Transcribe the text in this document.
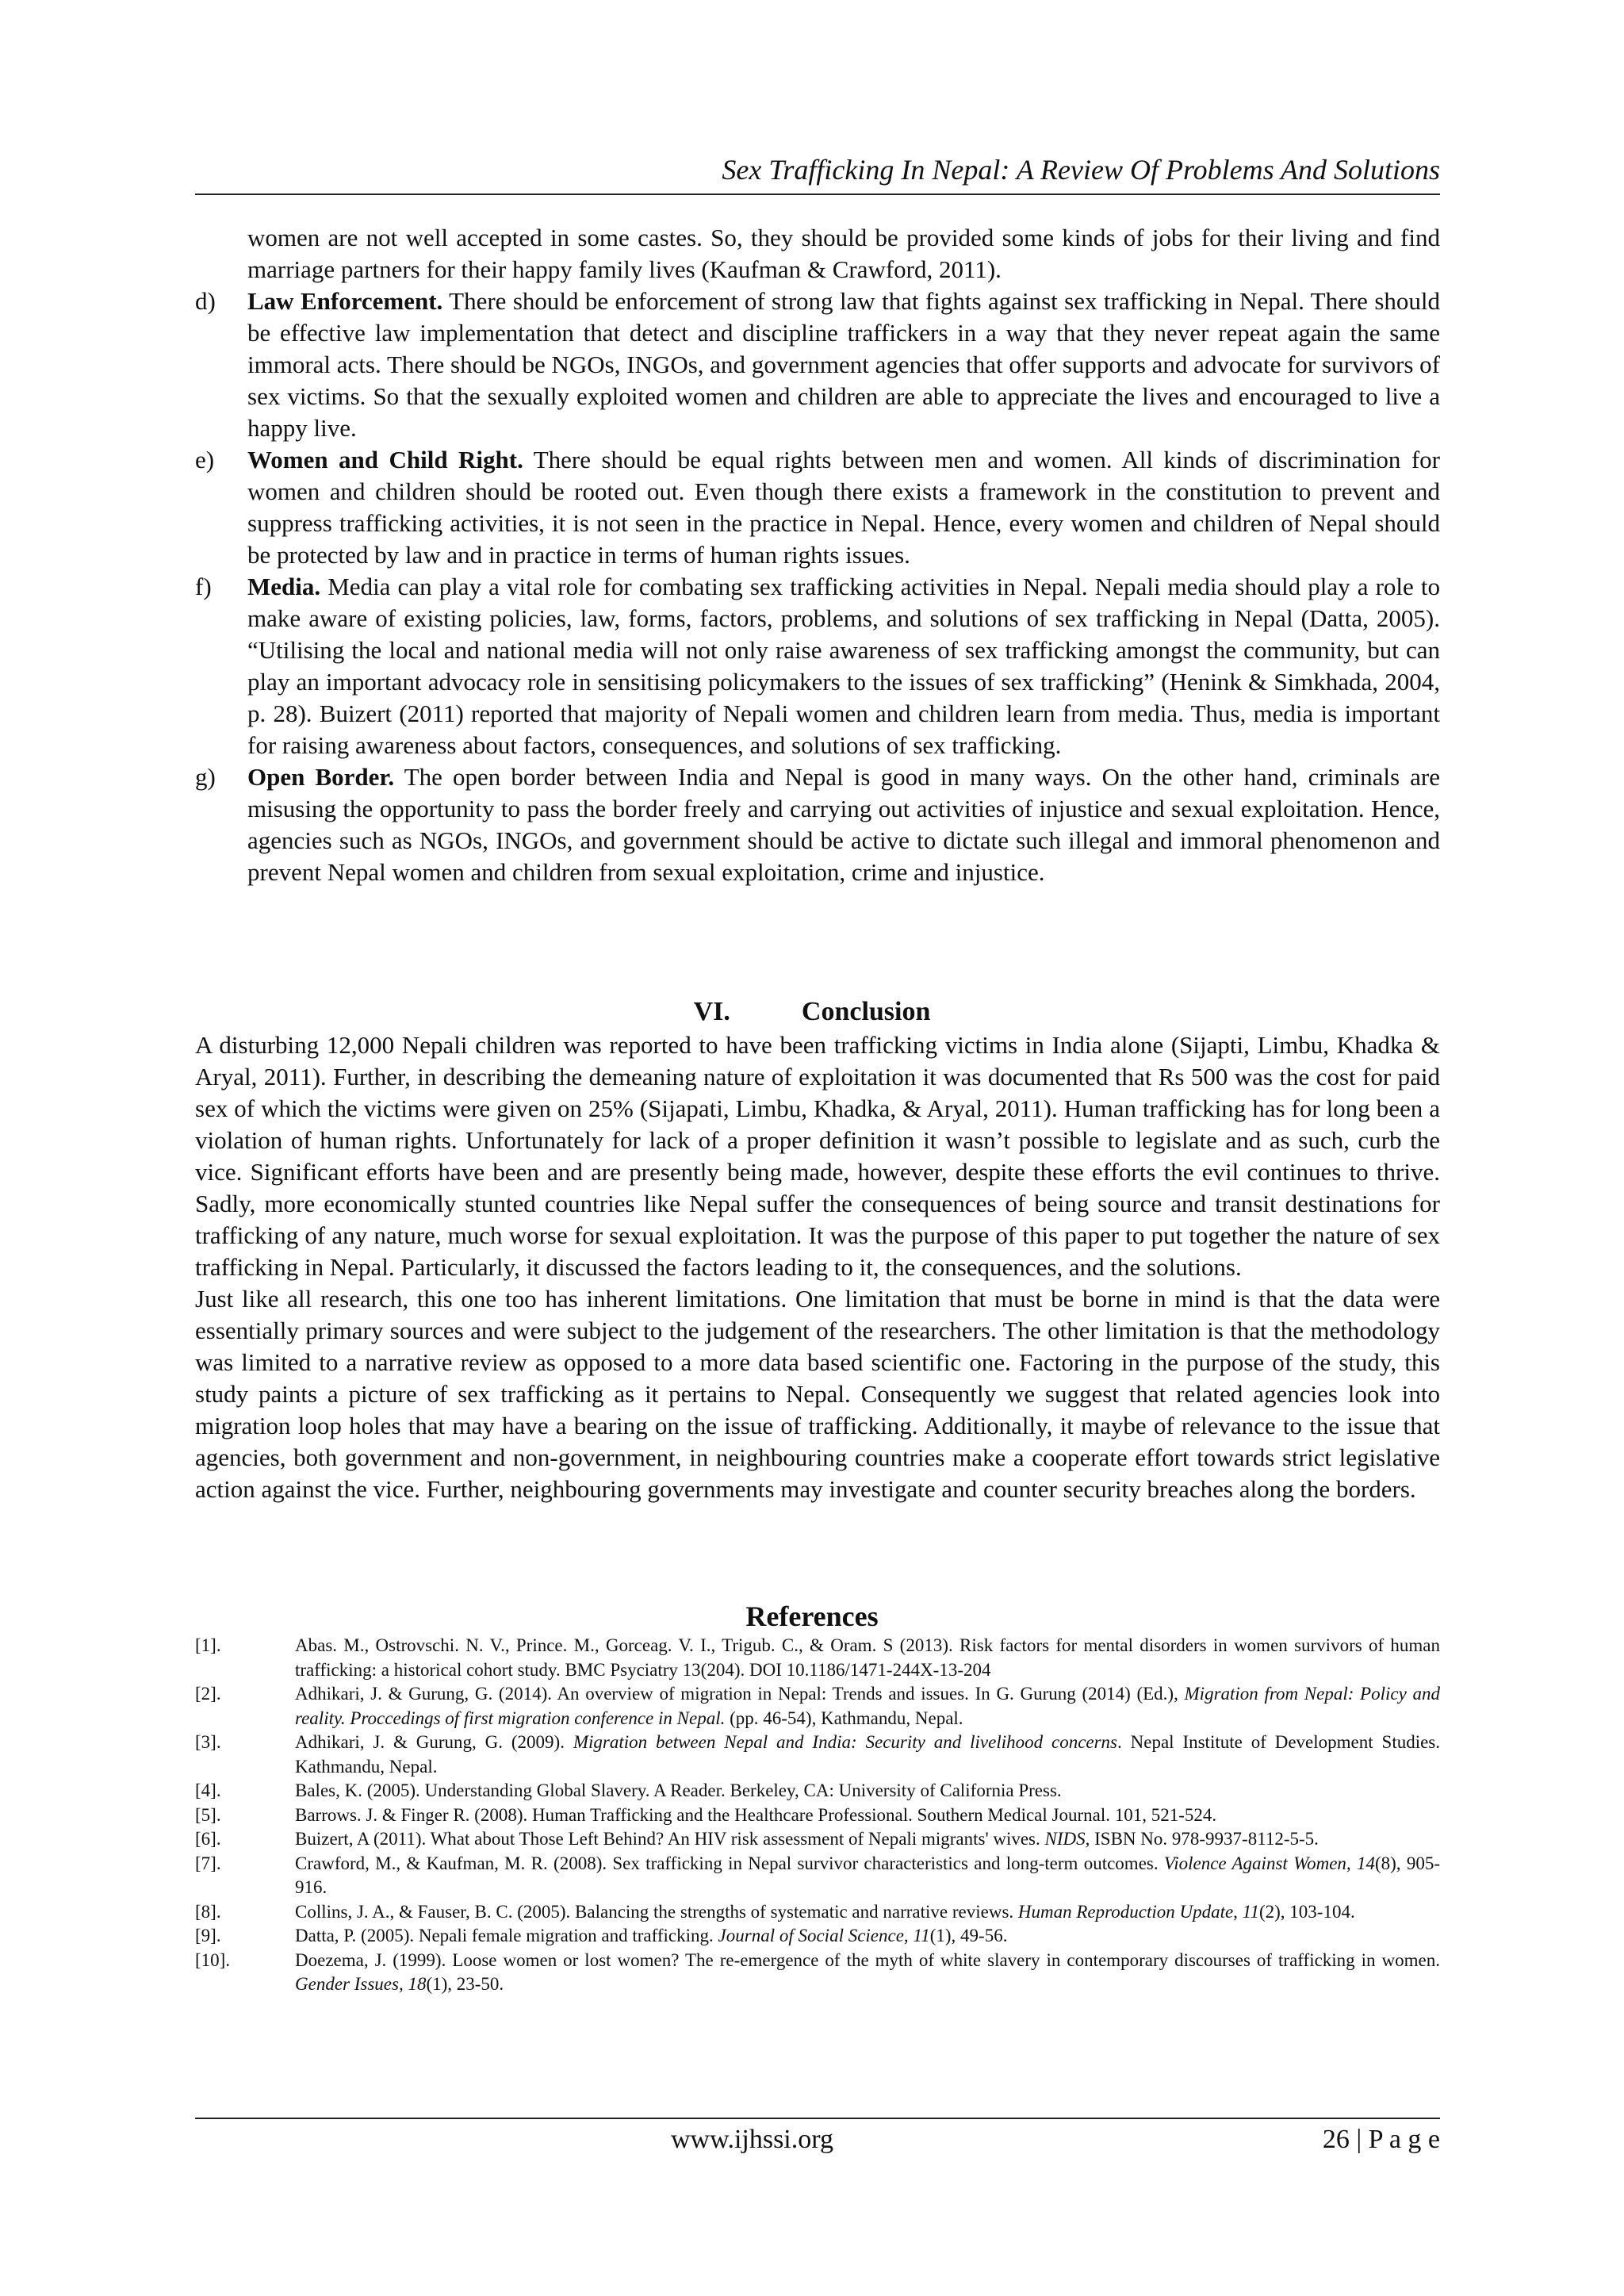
Sex Trafficking In Nepal: A Review Of Problems And Solutions
women are not well accepted in some castes. So, they should be provided some kinds of jobs for their living and find marriage partners for their happy family lives (Kaufman & Crawford, 2011).
d)	Law Enforcement. There should be enforcement of strong law that fights against sex trafficking in Nepal. There should be effective law implementation that detect and discipline traffickers in a way that they never repeat again the same immoral acts. There should be NGOs, INGOs, and government agencies that offer supports and advocate for survivors of sex victims. So that the sexually exploited women and children are able to appreciate the lives and encouraged to live a happy live.
e)	Women and Child Right. There should be equal rights between men and women. All kinds of discrimination for women and children should be rooted out. Even though there exists a framework in the constitution to prevent and suppress trafficking activities, it is not seen in the practice in Nepal. Hence, every women and children of Nepal should be protected by law and in practice in terms of human rights issues.
f)	Media. Media can play a vital role for combating sex trafficking activities in Nepal. Nepali media should play a role to make aware of existing policies, law, forms, factors, problems, and solutions of sex trafficking in Nepal (Datta, 2005). “Utilising the local and national media will not only raise awareness of sex trafficking amongst the community, but can play an important advocacy role in sensitising policymakers to the issues of sex trafficking” (Henink & Simkhada, 2004, p. 28). Buizert (2011) reported that majority of Nepali women and children learn from media. Thus, media is important for raising awareness about factors, consequences, and solutions of sex trafficking.
g)	Open Border. The open border between India and Nepal is good in many ways. On the other hand, criminals are misusing the opportunity to pass the border freely and carrying out activities of injustice and sexual exploitation. Hence, agencies such as NGOs, INGOs, and government should be active to dictate such illegal and immoral phenomenon and prevent Nepal women and children from sexual exploitation, crime and injustice.
VI.	Conclusion

A disturbing 12,000 Nepali children was reported to have been trafficking victims in India alone (Sijapti, Limbu, Khadka & Aryal, 2011). Further, in describing the demeaning nature of exploitation it was documented that Rs 500 was the cost for paid sex of which the victims were given on 25% (Sijapati, Limbu, Khadka, & Aryal, 2011). Human trafficking has for long been a violation of human rights. Unfortunately for lack of a proper definition it wasn’t possible to legislate and as such, curb the vice. Significant efforts have been and are presently being made, however, despite these efforts the evil continues to thrive. Sadly, more economically stunted countries like Nepal suffer the consequences of being source and transit destinations for trafficking of any nature, much worse for sexual exploitation. It was the purpose of this paper to put together the nature of sex trafficking in Nepal. Particularly, it discussed the factors leading to it, the consequences, and the solutions.

Just like all research, this one too has inherent limitations. One limitation that must be borne in mind is that the data were essentially primary sources and were subject to the judgement of the researchers. The other limitation is that the methodology was limited to a narrative review as opposed to a more data based scientific one. Factoring in the purpose of the study, this study paints a picture of sex trafficking as it pertains to Nepal. Consequently we suggest that related agencies look into migration loop holes that may have a bearing on the issue of trafficking. Additionally, it maybe of relevance to the issue that agencies, both government and non-government, in neighbouring countries make a cooperate effort towards strict legislative action against the vice. Further, neighbouring governments may investigate and counter security breaches along the borders.

References
[1].	Abas. M., Ostrovschi. N. V., Prince. M., Gorceag. V. I., Trigub. C., & Oram. S (2013). Risk factors for mental disorders in women survivors of human trafficking: a historical cohort study. BMC Psyciatry 13(204). DOI 10.1186/1471-244X-13-204
[2].	Adhikari, J. & Gurung, G. (2014). An overview of migration in Nepal: Trends and issues. In G. Gurung (2014) (Ed.), Migration from Nepal: Policy and reality. Proccedings of first migration conference in Nepal. (pp. 46-54), Kathmandu, Nepal.
[3].	Adhikari, J. & Gurung, G. (2009). Migration between Nepal and India: Security and livelihood concerns. Nepal Institute of Development Studies. Kathmandu, Nepal.
[4].	Bales, K. (2005). Understanding Global Slavery. A Reader. Berkeley, CA: University of California Press.
[5].	Barrows. J. & Finger R. (2008). Human Trafficking and the Healthcare Professional. Southern Medical Journal. 101, 521-524.
[6].	Buizert, A (2011). What about Those Left Behind? An HIV risk assessment of Nepali migrants' wives. NIDS, ISBN No. 978-9937-8112-5-5.
[7].	Crawford, M., & Kaufman, M. R. (2008). Sex trafficking in Nepal survivor characteristics and long-term outcomes. Violence Against Women, 14(8), 905-916.
[8].	Collins, J. A., & Fauser, B. C. (2005). Balancing the strengths of systematic and narrative reviews. Human Reproduction Update, 11(2), 103-104.
[9].	Datta, P. (2005). Nepali female migration and trafficking. Journal of Social Science, 11(1), 49-56.
[10].	Doezema, J. (1999). Loose women or lost women? The re-emergence of the myth of white slavery in contemporary discourses of trafficking in women. Gender Issues, 18(1), 23-50.
www.ijhssi.org	26 | P a g e
